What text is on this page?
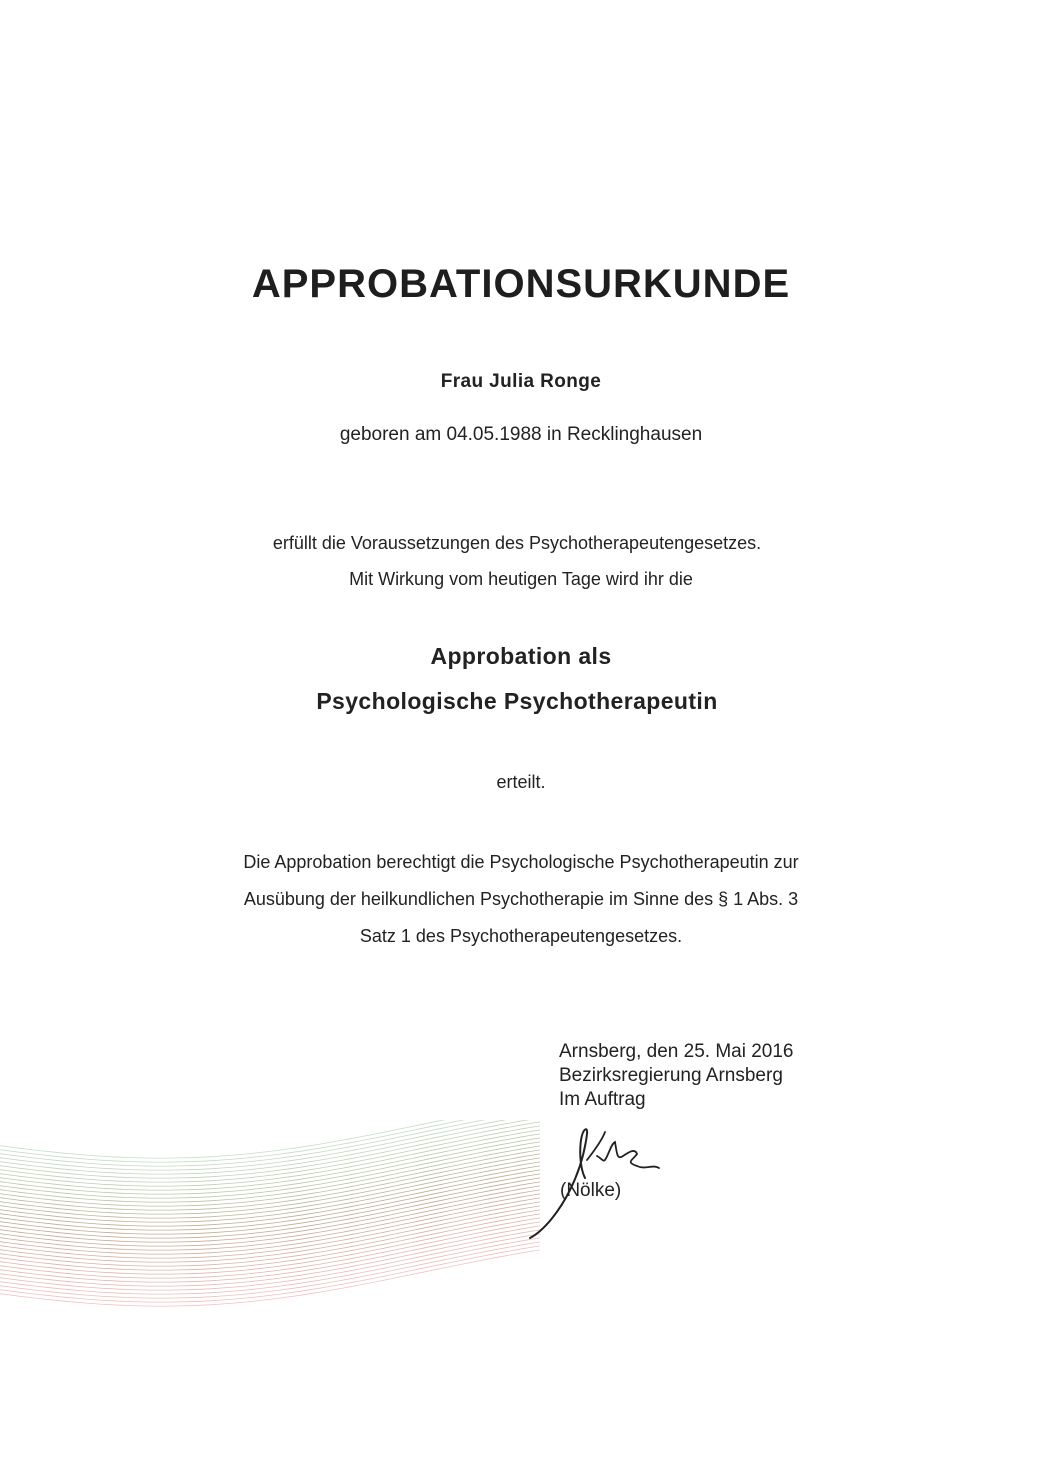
APPROBATIONSURKUNDE
Frau Julia Ronge
geboren am 04.05.1988 in Recklinghausen
erfüllt die Voraussetzungen des Psychotherapeutengesetzes.
Mit Wirkung vom heutigen Tage wird ihr die
Approbation als
Psychologische Psychotherapeutin
erteilt.
Die Approbation berechtigt die Psychologische Psychotherapeutin zur
Ausübung der heilkundlichen Psychotherapie im Sinne des § 1 Abs. 3
Satz 1 des Psychotherapeutengesetzes.
Arnsberg, den 25. Mai 2016
Bezirksregierung Arnsberg
Im Auftrag
(Nölke)
